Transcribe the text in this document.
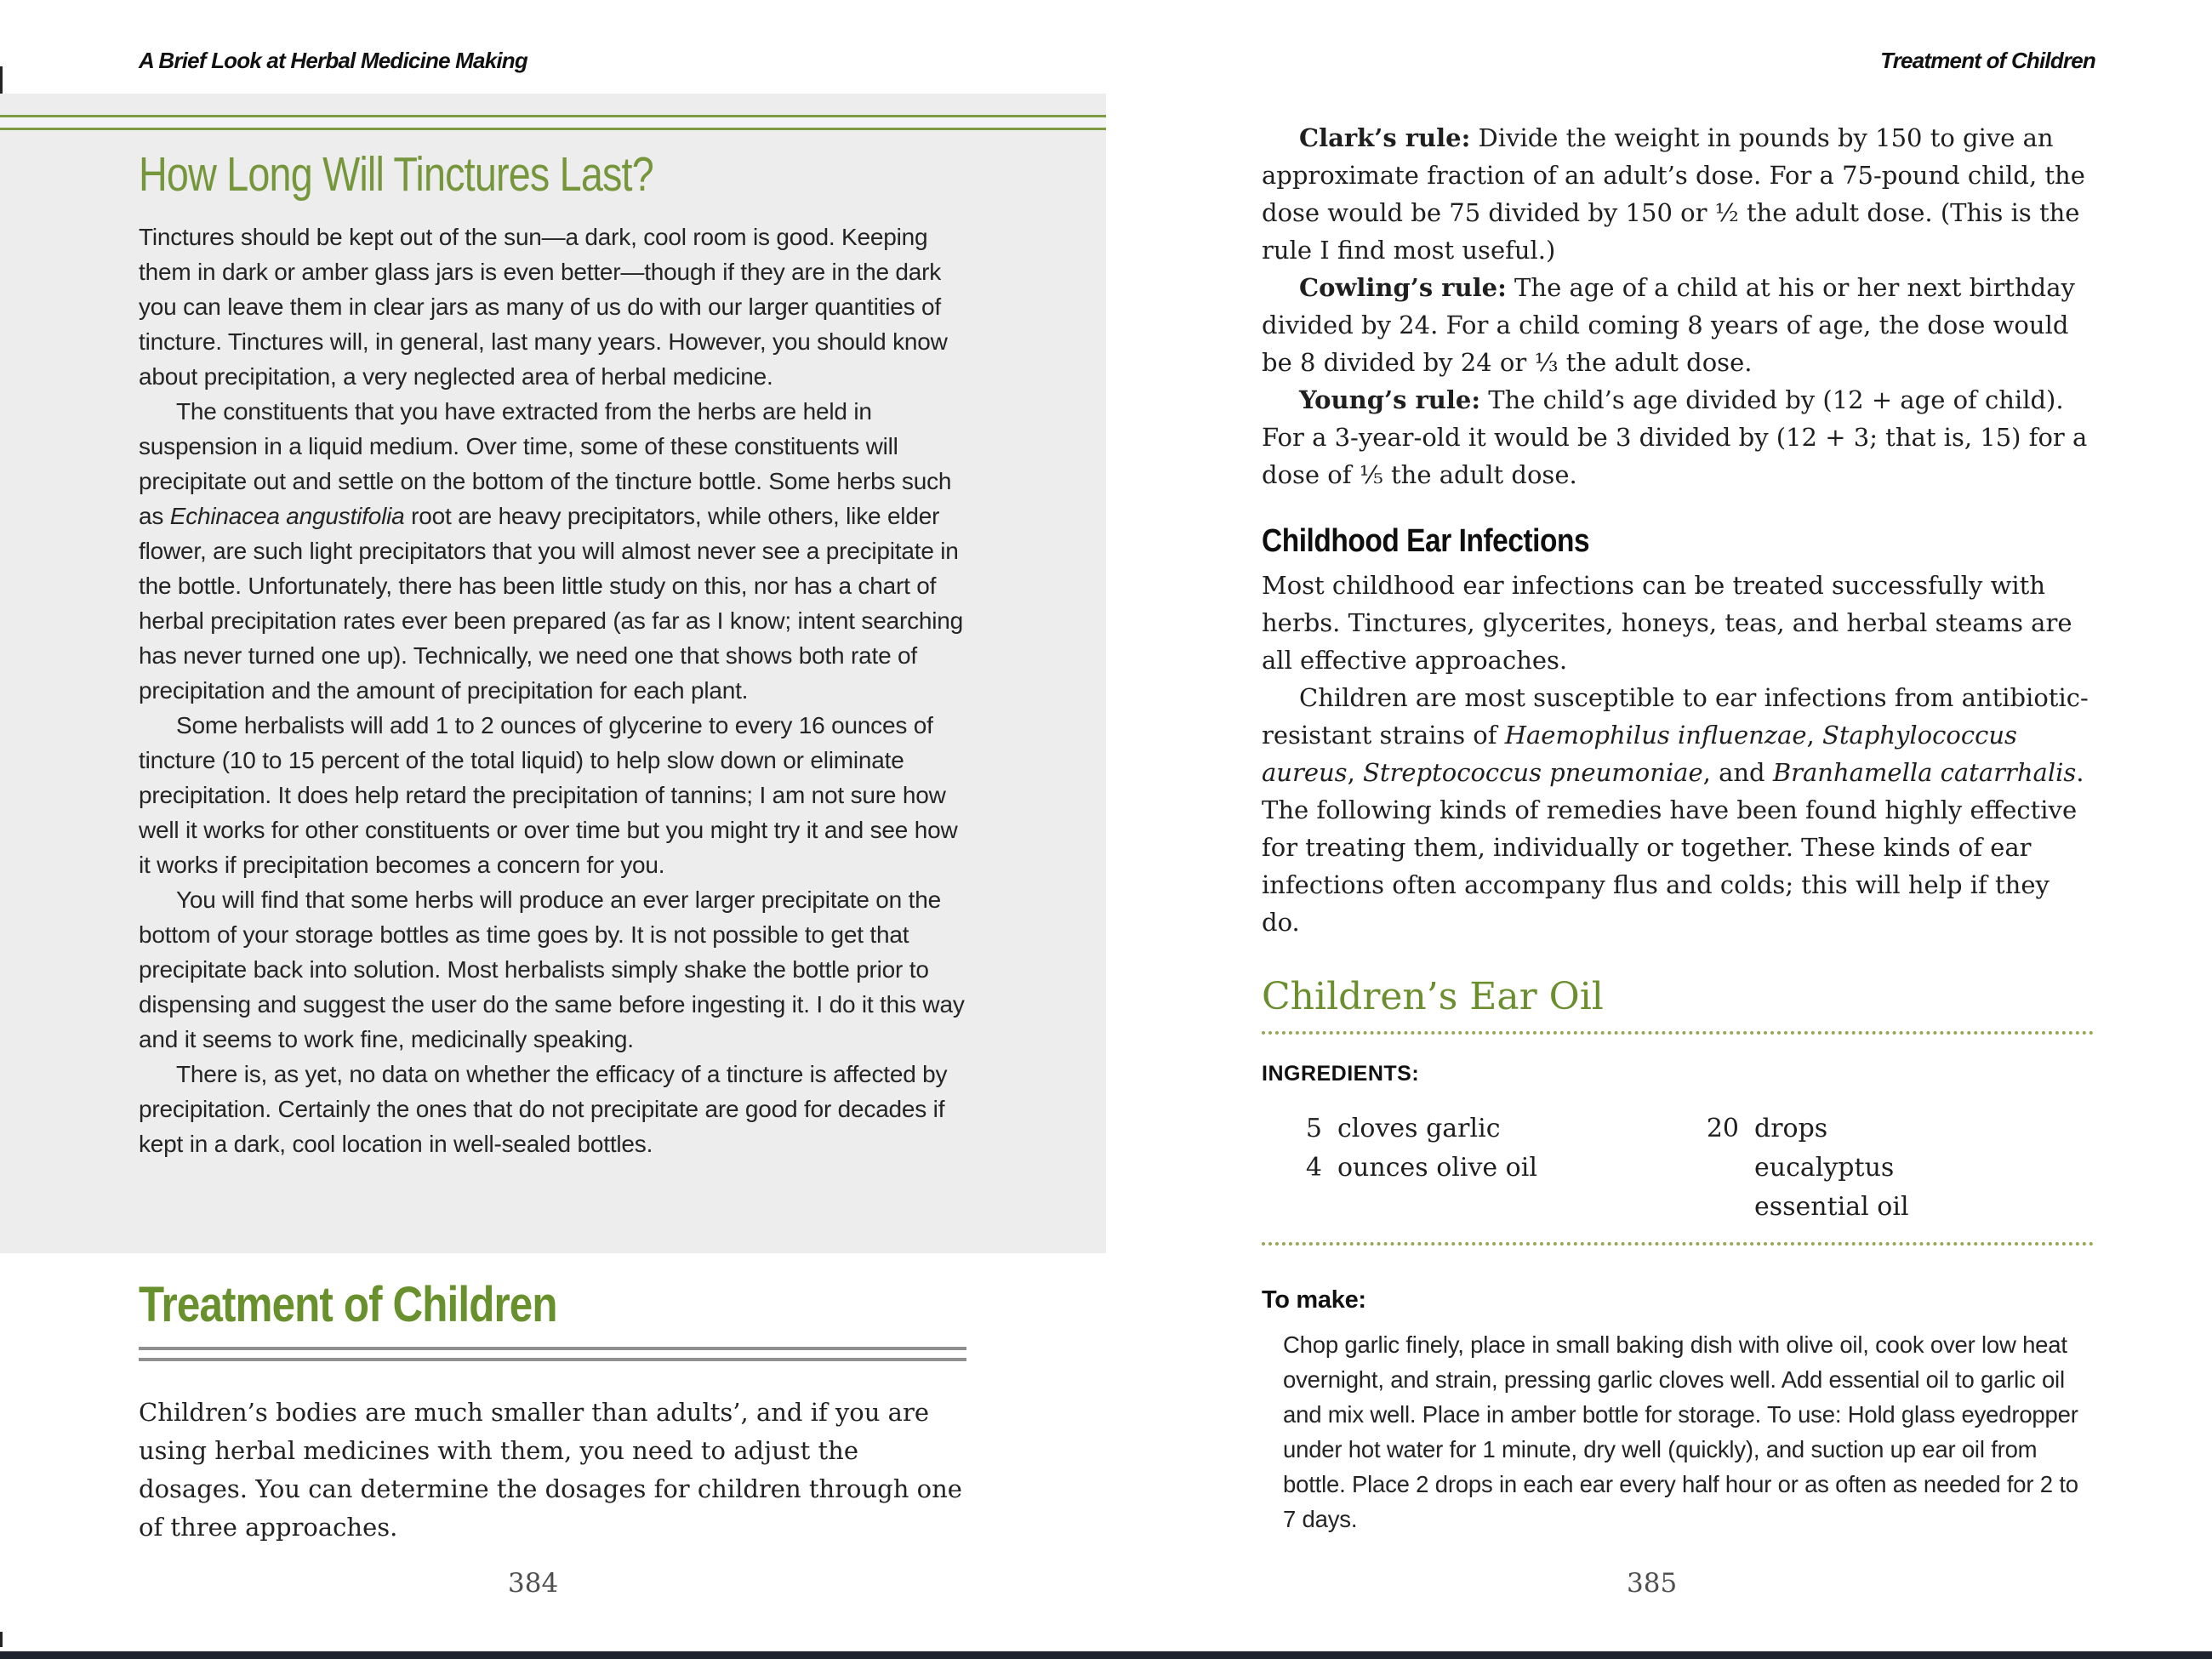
A Brief Look at Herbal Medicine Making	Treatment of Children
How Long Will Tinctures Last?

Tinctures should be kept out of the sun—a dark, cool room is good. Keeping them in dark or amber glass jars is even better—though if they are in the dark you can leave them in clear jars as many of us do with our larger quantities of tincture. Tinctures will, in general, last many years. However, you should know about precipitation, a very neglected area of herbal medicine.

The constituents that you have extracted from the herbs are held in suspension in a liquid medium. Over time, some of these constituents will precipitate out and settle on the bottom of the tincture bottle. Some herbs such as Echinacea angustifolia root are heavy precipitators, while others, like elder flower, are such light precipitators that you will almost never see a precipitate in the bottle. Unfortunately, there has been little study on this, nor has a chart of herbal precipitation rates ever been prepared (as far as I know; intent searching has never turned one up). Technically, we need one that shows both rate of precipitation and the amount of precipitation for each plant.

Some herbalists will add 1 to 2 ounces of glycerine to every 16 ounces of tincture (10 to 15 percent of the total liquid) to help slow down or eliminate precipitation. It does help retard the precipitation of tannins; I am not sure how well it works for other constituents or over time but you might try it and see how it works if precipitation becomes a concern for you.

You will find that some herbs will produce an ever larger precipitate on the bottom of your storage bottles as time goes by. It is not possible to get that precipitate back into solution. Most herbalists simply shake the bottle prior to dispensing and suggest the user do the same before ingesting it. I do it this way and it seems to work fine, medicinally speaking.

There is, as yet, no data on whether the efficacy of a tincture is affected by precipitation. Certainly the ones that do not precipitate are good for decades if kept in a dark, cool location in well-sealed bottles.

Treatment of Children

Children’s bodies are much smaller than adults’, and if you are using herbal medicines with them, you need to adjust the dosages. You can determine the dosages for children through one of three approaches.

384

Clark’s rule: Divide the weight in pounds by 150 to give an approximate fraction of an adult’s dose. For a 75-pound child, the dose would be 75 divided by 150 or ½ the adult dose. (This is the rule I find most useful.)

Cowling’s rule: The age of a child at his or her next birthday divided by 24. For a child coming 8 years of age, the dose would be 8 divided by 24 or ⅓ the adult dose.

Young’s rule: The child’s age divided by (12 + age of child). For a 3-year-old it would be 3 divided by (12 + 3; that is, 15) for a dose of ⅕ the adult dose.

Childhood Ear Infections

Most childhood ear infections can be treated successfully with herbs. Tinctures, glycerites, honeys, teas, and herbal steams are all effective approaches.

Children are most susceptible to ear infections from antibiotic-resistant strains of Haemophilus influenzae, Staphylococcus aureus, Streptococcus pneumoniae, and Branhamella catarrhalis. The following kinds of remedies have been found highly effective for treating them, individually or together. These kinds of ear infections often accompany flus and colds; this will help if they do.

Children’s Ear Oil
INGREDIENTS:
5 cloves garlic
4 ounces olive oil
20 drops eucalyptus essential oil
To make:

Chop garlic finely, place in small baking dish with olive oil, cook over low heat overnight, and strain, pressing garlic cloves well. Add essential oil to garlic oil and mix well. Place in amber bottle for storage. To use: Hold glass eyedropper under hot water for 1 minute, dry well (quickly), and suction up ear oil from bottle. Place 2 drops in each ear every half hour or as often as needed for 2 to 7 days.

385
